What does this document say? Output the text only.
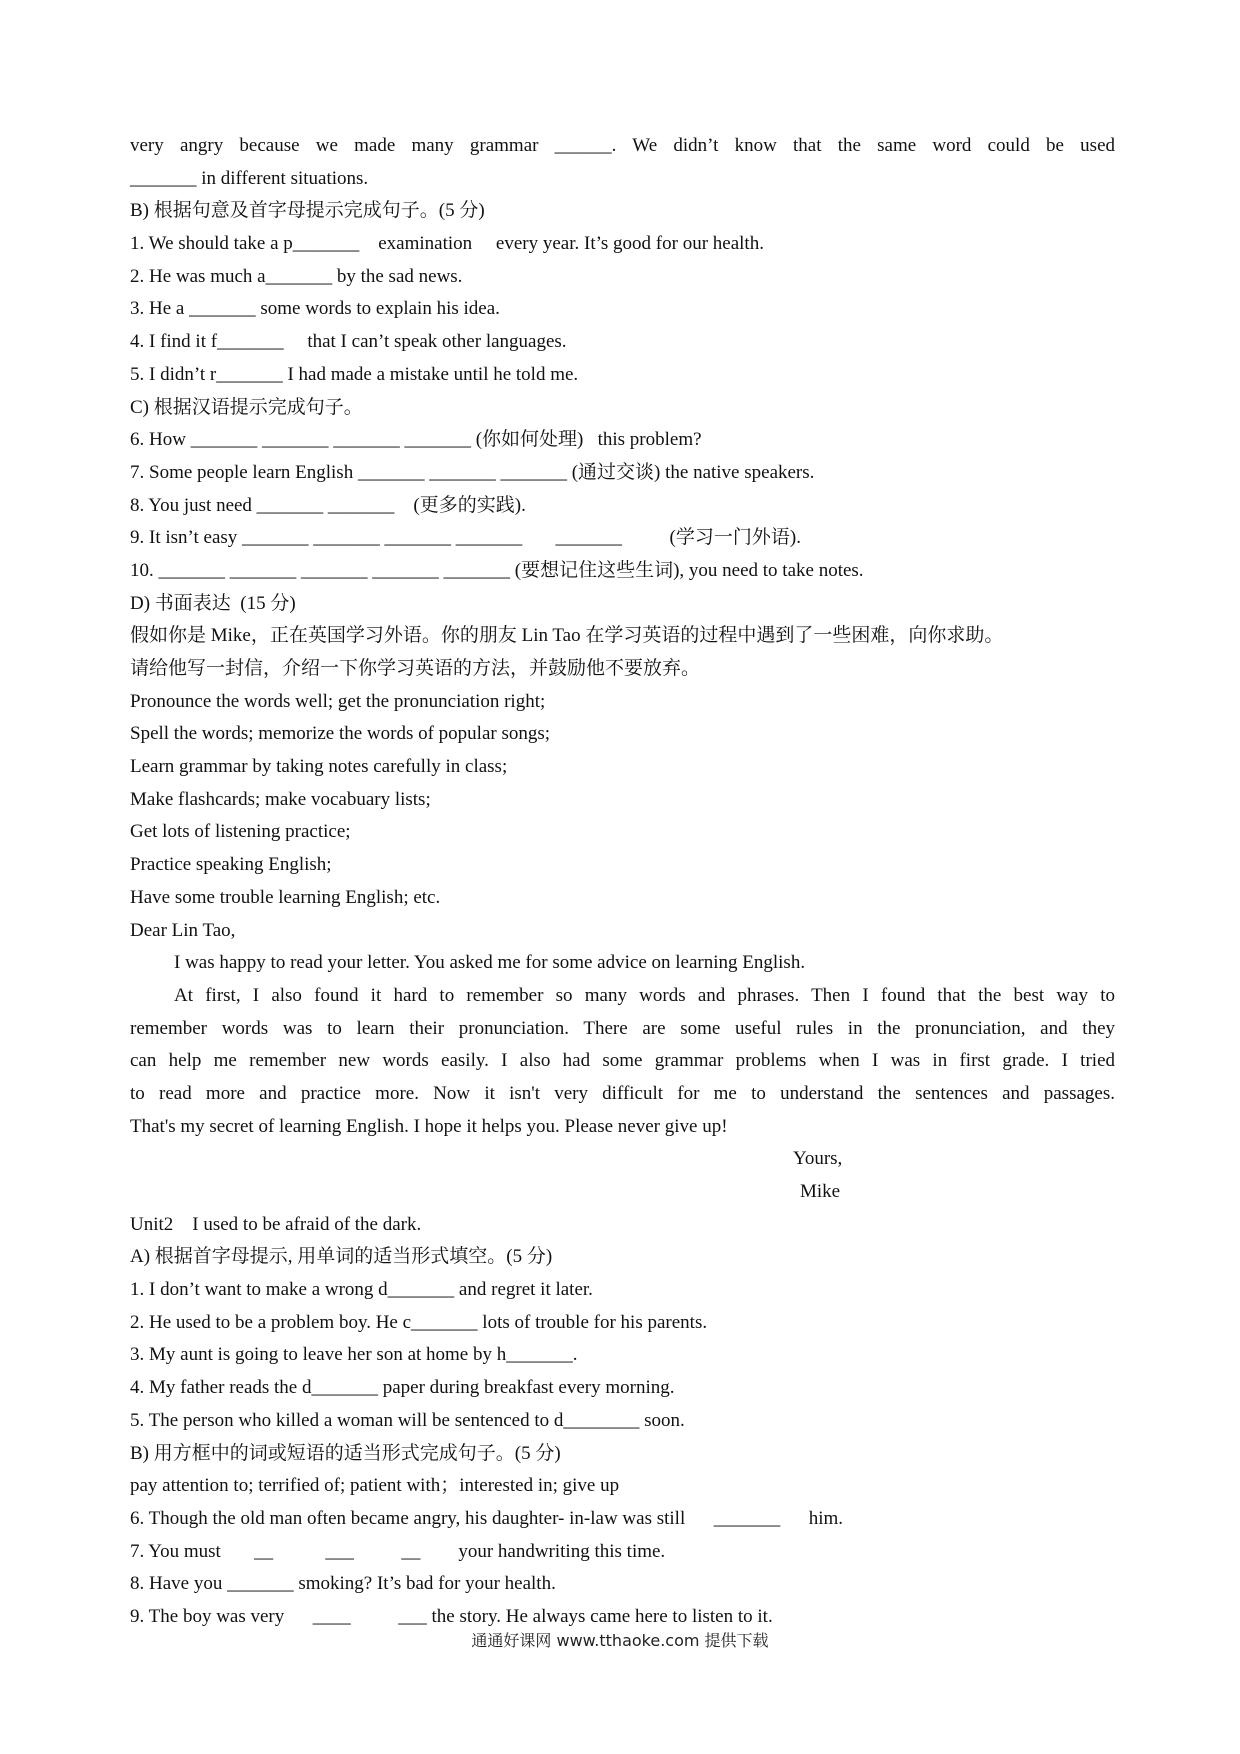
very angry because we made many grammar ______. We didn’t know that the same word could be used
_______ in different situations.
B) 根据句意及首字母提示完成句子。(5 分)
1. We should take a p_______    examination     every year. It’s good for our health.
2. He was much a_______ by the sad news.
3. He a _______ some words to explain his idea.
4. I find it f_______     that I can’t speak other languages.
5. I didn’t r_______ I had made a mistake until he told me.
C) 根据汉语提示完成句子。
6. How _______ _______ _______ _______ (你如何处理)   this problem?
7. Some people learn English _______ _______ _______ (通过交谈) the native speakers.
8. You just need _______ _______    (更多的实践).
9. It isn’t easy _______ _______ _______ _______       _______          (学习一门外语).
10. _______ _______ _______ _______ _______ (要想记住这些生词), you need to take notes.
D) 书面表达  (15 分)
假如你是 Mike，正在英国学习外语。你的朋友 Lin Tao 在学习英语的过程中遇到了一些困难，向你求助。
请给他写一封信，介绍一下你学习英语的方法，并鼓励他不要放弃。
Pronounce the words well; get the pronunciation right;
Spell the words; memorize the words of popular songs;
Learn grammar by taking notes carefully in class;
Make flashcards; make vocabuary lists;
Get lots of listening practice;
Practice speaking English;
Have some trouble learning English; etc.
Dear Lin Tao,
I was happy to read your letter. You asked me for some advice on learning English.
At first, I also found it hard to remember so many words and phrases. Then I found that the best way to
remember words was to learn their pronunciation. There are some useful rules in the pronunciation, and they
can help me remember new words easily. I also had some grammar problems when I was in first grade. I tried
to read more and practice more. Now it isn't very difficult for me to understand the sentences and passages.
That's my secret of learning English. I hope it helps you. Please never give up!
Yours,
Mike
Unit2    I used to be afraid of the dark.
A) 根据首字母提示, 用单词的适当形式填空。(5 分)
1. I don’t want to make a wrong d_______ and regret it later.
2. He used to be a problem boy. He c_______ lots of trouble for his parents.
3. My aunt is going to leave her son at home by h_______.
4. My father reads the d_______ paper during breakfast every morning.
5. The person who killed a woman will be sentenced to d________ soon.
B) 用方框中的词或短语的适当形式完成句子。(5 分)
pay attention to; terrified of; patient with；interested in; give up
6. Though the old man often became angry, his daughter- in-law was still      _______      him.
7. You must       __           ___          __        your handwriting this time.
8. Have you _______ smoking? It’s bad for your health.
9. The boy was very      ____          ___ the story. He always came here to listen to it.
通通好课网 www.tthaoke.com 提供下载
